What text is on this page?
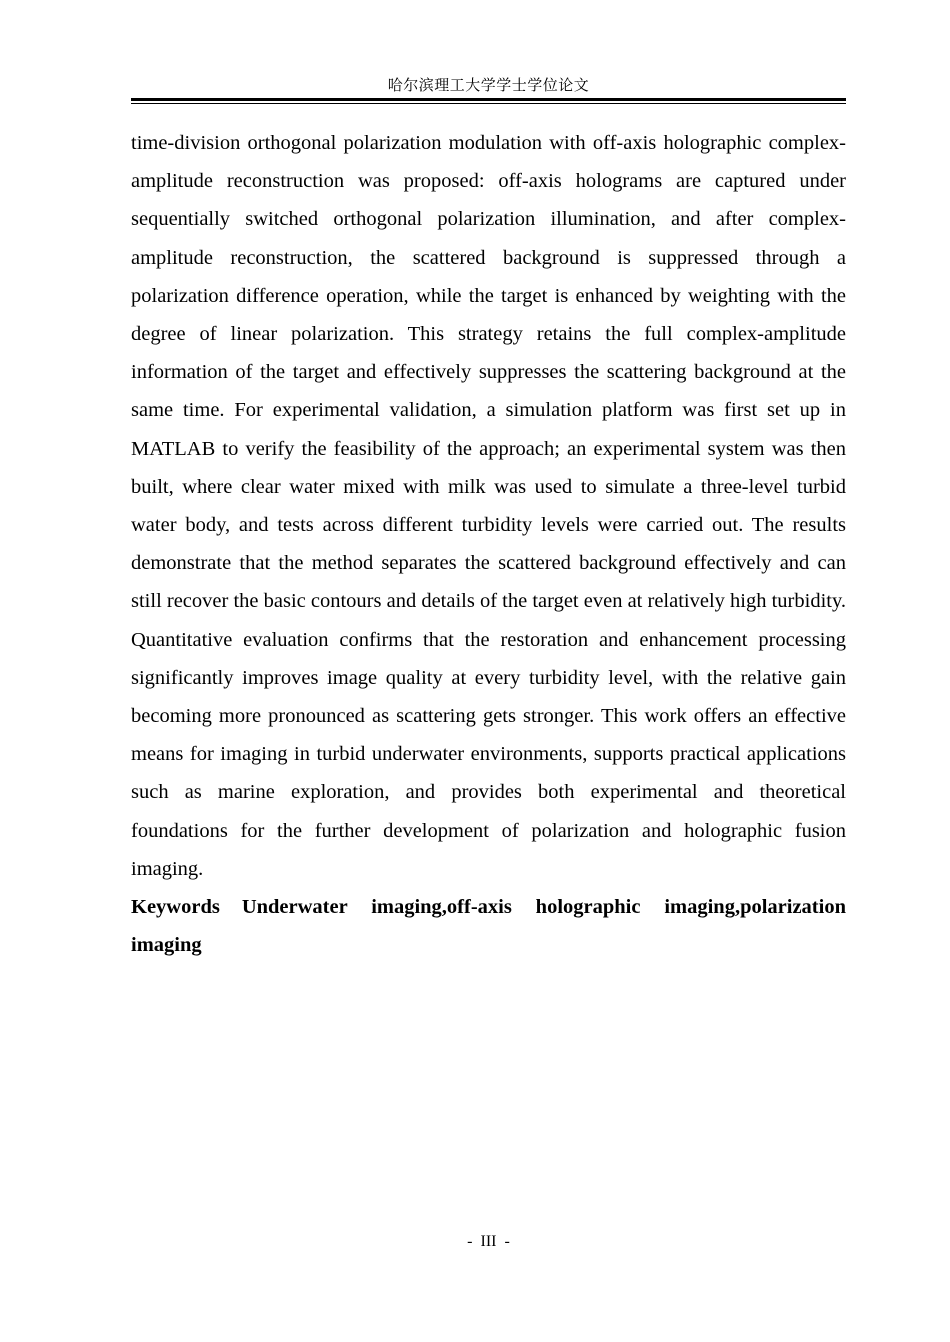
哈尔滨理工大学学士学位论文

time-division orthogonal polarization modulation with off-axis holographic complex-amplitude reconstruction was proposed: off-axis holograms are captured under sequentially switched orthogonal polarization illumination, and after complex-amplitude reconstruction, the scattered background is suppressed through a polarization difference operation, while the target is enhanced by weighting with the degree of linear polarization. This strategy retains the full complex-amplitude information of the target and effectively suppresses the scattering background at the same time. For experimental validation, a simulation platform was first set up in MATLAB to verify the feasibility of the approach; an experimental system was then built, where clear water mixed with milk was used to simulate a three-level turbid water body, and tests across different turbidity levels were carried out. The results demonstrate that the method separates the scattered background effectively and can still recover the basic contours and details of the target even at relatively high turbidity. Quantitative evaluation confirms that the restoration and enhancement processing significantly improves image quality at every turbidity level, with the relative gain becoming more pronounced as scattering gets stronger. This work offers an effective means for imaging in turbid underwater environments, supports practical applications such as marine exploration, and provides both experimental and theoretical foundations for the further development of polarization and holographic fusion imaging.

Keywords Underwater imaging,off-axis holographic imaging,polarization imaging

-  III  -
